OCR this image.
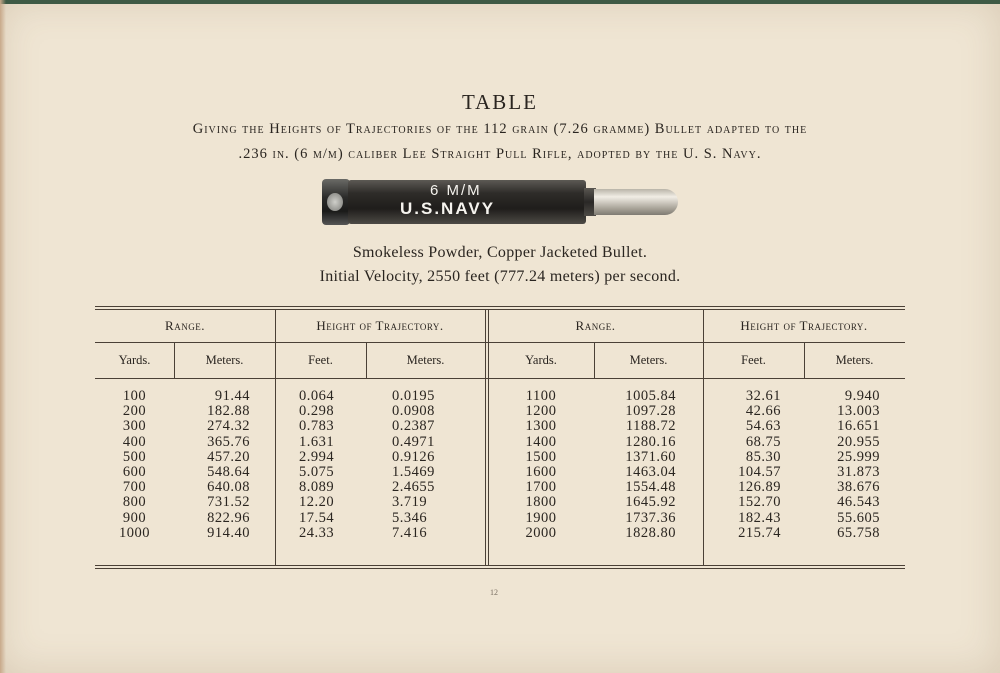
TABLE
Giving the Heights of Trajectories of the 112 grain (7.26 gramme) Bullet adapted to the
.236 in. (6 m/m) caliber Lee Straight Pull Rifle, adopted by the U. S. Navy.
6 M/M
U.S.NAVY
Smokeless Powder, Copper Jacketed Bullet.
Initial Velocity, 2550 feet (777.24 meters) per second.
Range.	Height of Trajectory.	Range.	Height of Trajectory.
Yards.	Meters.	Feet.	Meters.	Yards.	Meters.	Feet.	Meters.
100	91.44	0.064	0.0195	1100	1005.84	32.61	9.940
200	182.88	0.298	0.0908	1200	1097.28	42.66	13.003
300	274.32	0.783	0.2387	1300	1188.72	54.63	16.651
400	365.76	1.631	0.4971	1400	1280.16	68.75	20.955
500	457.20	2.994	0.9126	1500	1371.60	85.30	25.999
600	548.64	5.075	1.5469	1600	1463.04	104.57	31.873
700	640.08	8.089	2.4655	1700	1554.48	126.89	38.676
800	731.52	12.20	3.719	1800	1645.92	152.70	46.543
900	822.96	17.54	5.346	1900	1737.36	182.43	55.605
1000	914.40	24.33	7.416	2000	1828.80	215.74	65.758
12
